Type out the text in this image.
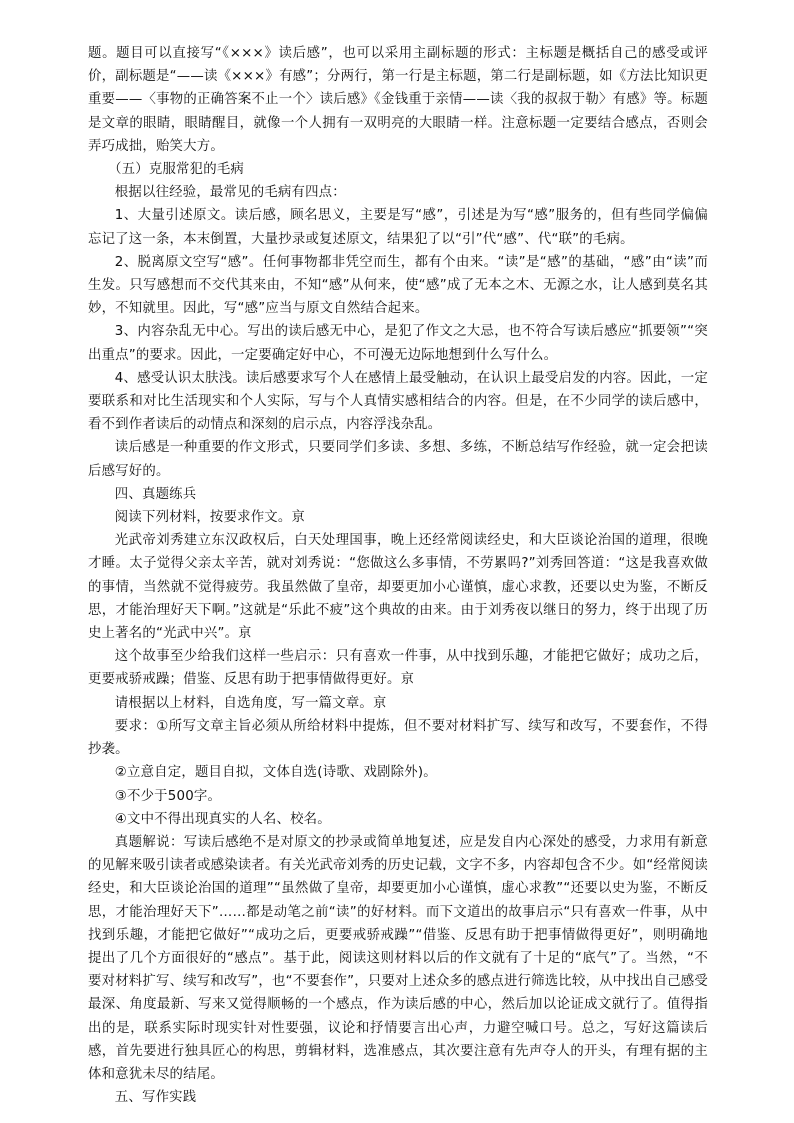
题。题目可以直接写“《×××》读后感”，也可以采用主副标题的形式：主标题是概括自己的感受或评价，副标题是“——读《×××》有感”；分两行，第一行是主标题，第二行是副标题，如《方法比知识更重要——〈事物的正确答案不止一个〉读后感》《金钱重于亲情——读〈我的叔叔于勒〉有感》等。标题是文章的眼睛，眼睛醒目，就像一个人拥有一双明亮的大眼睛一样。注意标题一定要结合感点，否则会弄巧成拙，贻笑大方。

（五）克服常犯的毛病

根据以往经验，最常见的毛病有四点：

1、大量引述原文。读后感，顾名思义，主要是写“感”，引述是为写“感”服务的，但有些同学偏偏忘记了这一条，本末倒置，大量抄录或复述原文，结果犯了以“引”代“感”、代“联”的毛病。

2、脱离原文空写“感”。任何事物都非凭空而生，都有个由来。“读”是“感”的基础，“感”由“读”而生发。只写感想而不交代其来由，不知“感”从何来，使“感”成了无本之木、无源之水，让人感到莫名其妙，不知就里。因此，写“感”应当与原文自然结合起来。

3、内容杂乱无中心。写出的读后感无中心，是犯了作文之大忌，也不符合写读后感应“抓要领”“突出重点”的要求。因此，一定要确定好中心，不可漫无边际地想到什么写什么。

4、感受认识太肤浅。读后感要求写个人在感情上最受触动，在认识上最受启发的内容。因此，一定要联系和对比生活现实和个人实际，写与个人真情实感相结合的内容。但是，在不少同学的读后感中，看不到作者读后的动情点和深刻的启示点，内容浮浅杂乱。

读后感是一种重要的作文形式，只要同学们多读、多想、多练，不断总结写作经验，就一定会把读后感写好的。

四、真题练兵

阅读下列材料，按要求作文。亰

光武帝刘秀建立东汉政权后，白天处理国事，晚上还经常阅读经史，和大臣谈论治国的道理，很晚才睡。太子觉得父亲太辛苦，就对刘秀说：“您做这么多事情，不劳累吗?”刘秀回答道：“这是我喜欢做的事情，当然就不觉得疲劳。我虽然做了皇帝，却要更加小心谨慎，虚心求教，还要以史为鉴，不断反思，才能治理好天下啊。”这就是“乐此不疲”这个典故的由来。由于刘秀夜以继日的努力，终于出现了历史上著名的“光武中兴”。亰

这个故事至少给我们这样一些启示：只有喜欢一件事，从中找到乐趣，才能把它做好；成功之后，更要戒骄戒躁；借鉴、反思有助于把事情做得更好。亰

请根据以上材料，自选角度，写一篇文章。亰

要求：①所写文章主旨必须从所给材料中提炼，但不要对材料扩写、续写和改写，不要套作，不得抄袭。

②立意自定，题目自拟，文体自选(诗歌、戏剧除外)。

③不少于500字。

④文中不得出现真实的人名、校名。

真题解说：写读后感绝不是对原文的抄录或简单地复述，应是发自内心深处的感受，力求用有新意的见解来吸引读者或感染读者。有关光武帝刘秀的历史记载，文字不多，内容却包含不少。如“经常阅读经史，和大臣谈论治国的道理”“虽然做了皇帝，却要更加小心谨慎，虚心求教”“还要以史为鉴，不断反思，才能治理好天下”……都是动笔之前“读”的好材料。而下文道出的故事启示“只有喜欢一件事，从中找到乐趣，才能把它做好”“成功之后，更要戒骄戒躁”“借鉴、反思有助于把事情做得更好”，则明确地提出了几个方面很好的“感点”。基于此，阅读这则材料以后的作文就有了十足的“底气”了。当然，“不要对材料扩写、续写和改写”，也“不要套作”，只要对上述众多的感点进行筛选比较，从中找出自己感受最深、角度最新、写来又觉得顺畅的一个感点，作为读后感的中心，然后加以论证成文就行了。值得指出的是，联系实际时现实针对性要强，议论和抒情要言出心声，力避空喊口号。总之，写好这篇读后感，首先要进行独具匠心的构思，剪辑材料，选准感点，其次要注意有先声夺人的开头，有理有据的主体和意犹未尽的结尾。

五、写作实践
